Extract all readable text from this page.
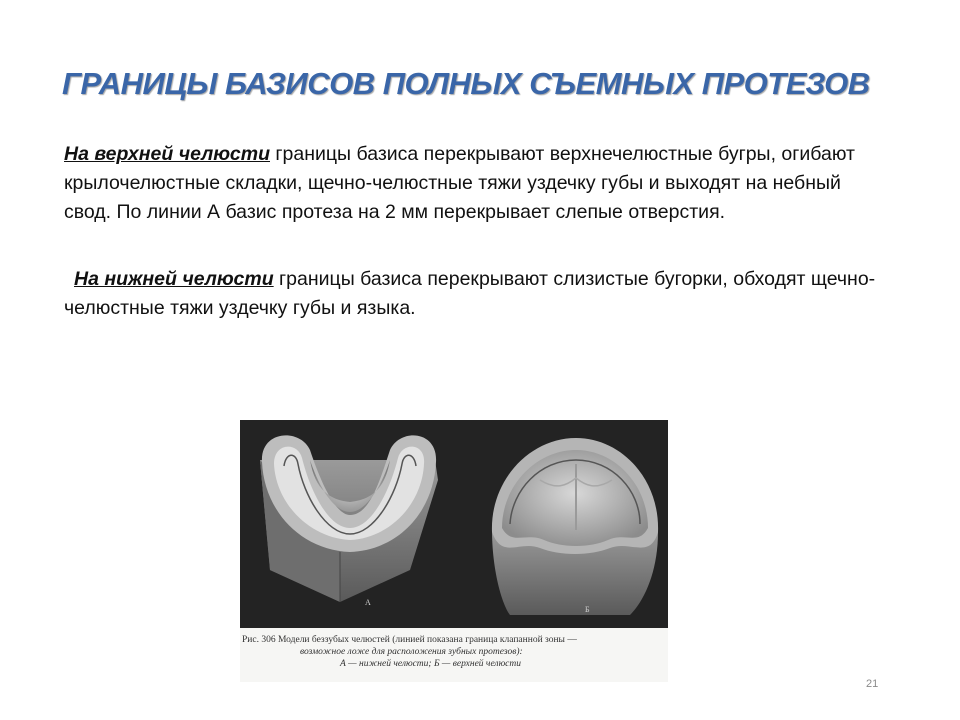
ГРАНИЦЫ БАЗИСОВ ПОЛНЫХ СЪЕМНЫХ ПРОТЕЗОВ
На верхней челюсти границы базиса перекрывают верхнечелюстные бугры, огибают крылочелюстные складки, щечно-челюстные тяжи уздечку губы и выходят на небный свод. По линии А базис протеза на 2 мм перекрывает слепые отверстия.
На нижней челюсти границы базиса перекрывают слизистые бугорки, обходят щечно-челюстные тяжи уздечку губы и языка.
А
Б
Рис. 306 Модели беззубых челюстей (линией показана граница клапанной зоны —
возможное ложе для расположения зубных протезов):
А — нижней челюсти; Б — верхней челюсти
21
